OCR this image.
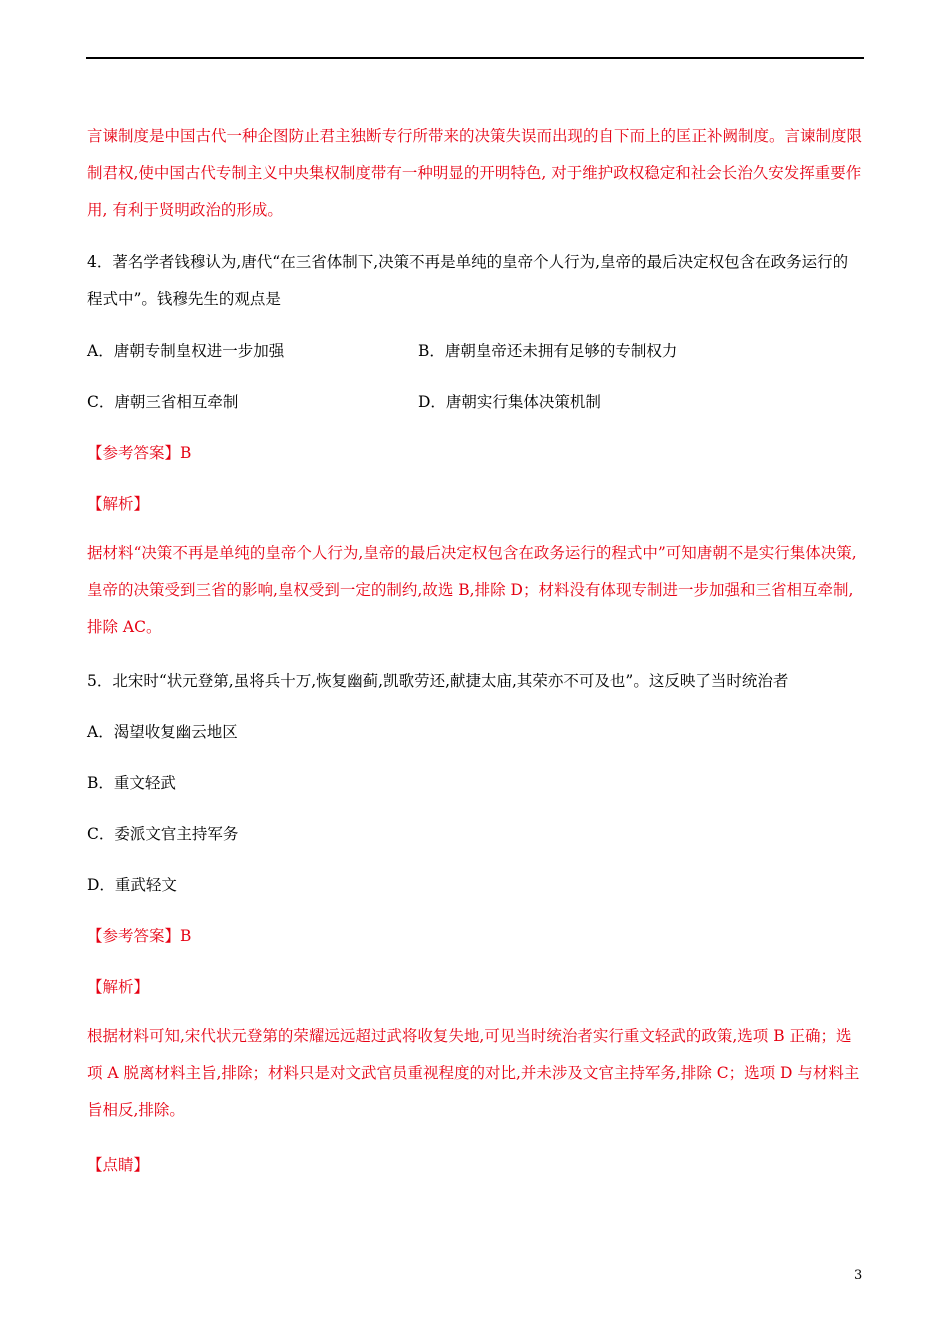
言谏制度是中国古代一种企图防止君主独断专行所带来的决策失误而出现的自下而上的匡正补阙制度。言谏制度限制君权,使中国古代专制主义中央集权制度带有一种明显的开明特色, 对于维护政权稳定和社会长治久安发挥重要作用, 有利于贤明政治的形成。

4．著名学者钱穆认为,唐代“在三省体制下,决策不再是单纯的皇帝个人行为,皇帝的最后决定权包含在政务运行的程式中”。钱穆先生的观点是

A．唐朝专制皇权进一步加强	B．唐朝皇帝还未拥有足够的专制权力
C．唐朝三省相互牵制	D．唐朝实行集体决策机制
【参考答案】B
【解析】

据材料“决策不再是单纯的皇帝个人行为,皇帝的最后决定权包含在政务运行的程式中”可知唐朝不是实行集体决策,皇帝的决策受到三省的影响,皇权受到一定的制约,故选 B,排除 D；材料没有体现专制进一步加强和三省相互牵制,排除 AC。

5．北宋时“状元登第,虽将兵十万,恢复幽蓟,凯歌劳还,献捷太庙,其荣亦不可及也”。这反映了当时统治者
A．渴望收复幽云地区
B．重文轻武
C．委派文官主持军务
D．重武轻文
【参考答案】B
【解析】

根据材料可知,宋代状元登第的荣耀远远超过武将收复失地,可见当时统治者实行重文轻武的政策,选项 B 正确；选项 A 脱离材料主旨,排除；材料只是对文武官员重视程度的对比,并未涉及文官主持军务,排除 C；选项 D 与材料主旨相反,排除。

【点睛】
3
